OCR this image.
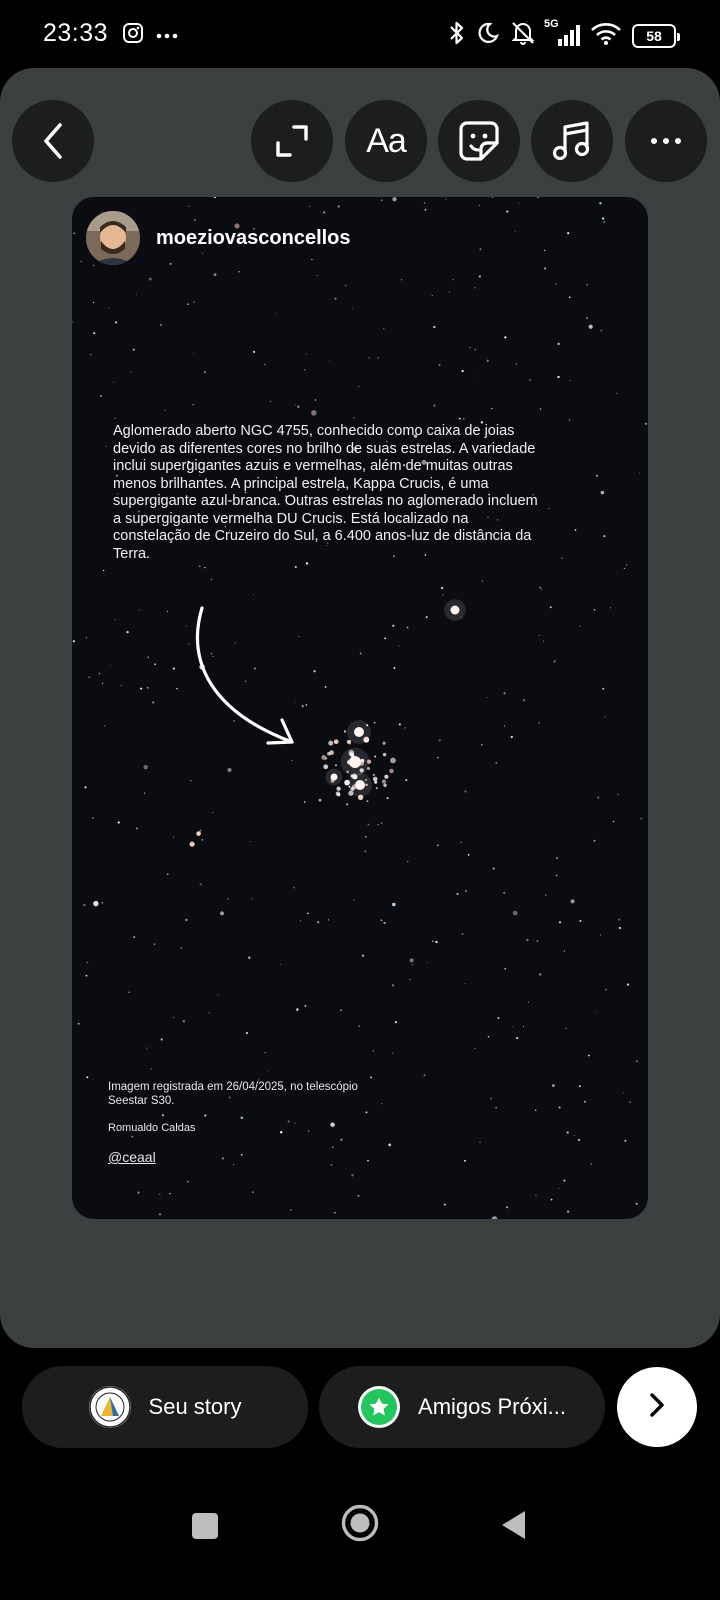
23:33	5G
58
Aa
moeziovasconcellos
Aglomerado aberto NGC 4755, conhecido como caixa de joias devido as diferentes cores no brilho de suas estrelas. A variedade inclui supergigantes azuis e vermelhas, além de muitas outras menos brilhantes. A principal estrela, Kappa Crucis, é uma supergigante azul-branca. Outras estrelas no aglomerado incluem a supergigante vermelha DU Crucis. Está localizado na constelação de Cruzeiro do Sul, a 6.400 anos-luz de distância da Terra.
Imagem registrada em 26/04/2025, no telescópio Seestar S30.
Romualdo Caldas
@ceaal
Seu story	Amigos Próxi...
